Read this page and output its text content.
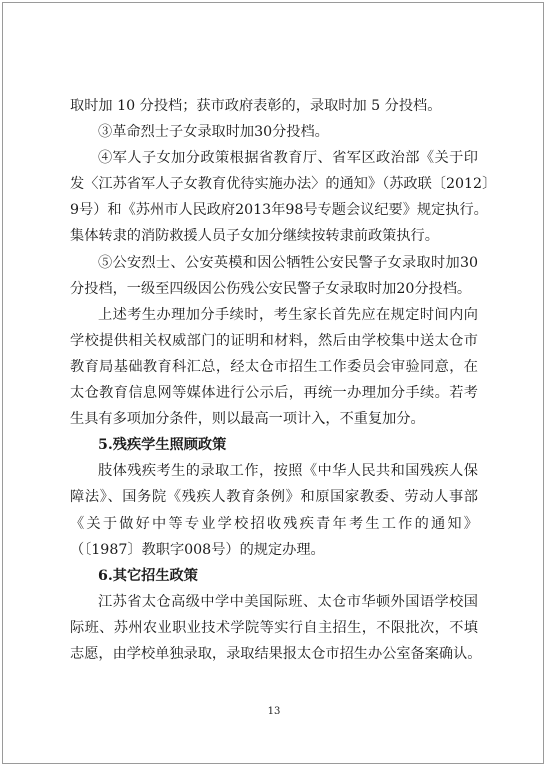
取时加 10 分投档；获市政府表彰的，录取时加 5 分投档。
③革命烈士子女录取时加30分投档。
④军人子女加分政策根据省教育厅、省军区政治部《关于印
发〈江苏省军人子女教育优待实施办法〉的通知》（苏政联〔2012〕
9号）和《苏州市人民政府2013年98号专题会议纪要》规定执行。
集体转隶的消防救援人员子女加分继续按转隶前政策执行。
⑤公安烈士、公安英模和因公牺牲公安民警子女录取时加30
分投档，一级至四级因公伤残公安民警子女录取时加20分投档。
上述考生办理加分手续时，考生家长首先应在规定时间内向
学校提供相关权威部门的证明和材料，然后由学校集中送太仓市
教育局基础教育科汇总，经太仓市招生工作委员会审验同意，在
太仓教育信息网等媒体进行公示后，再统一办理加分手续。若考
生具有多项加分条件，则以最高一项计入，不重复加分。
5.残疾学生照顾政策
肢体残疾考生的录取工作，按照《中华人民共和国残疾人保
障法》、国务院《残疾人教育条例》和原国家教委、劳动人事部
《关于做好中等专业学校招收残疾青年考生工作的通知》
（〔1987〕教职字008号）的规定办理。
6.其它招生政策
江苏省太仓高级中学中美国际班、太仓市华顿外国语学校国
际班、苏州农业职业技术学院等实行自主招生，不限批次，不填
志愿，由学校单独录取，录取结果报太仓市招生办公室备案确认。
13
